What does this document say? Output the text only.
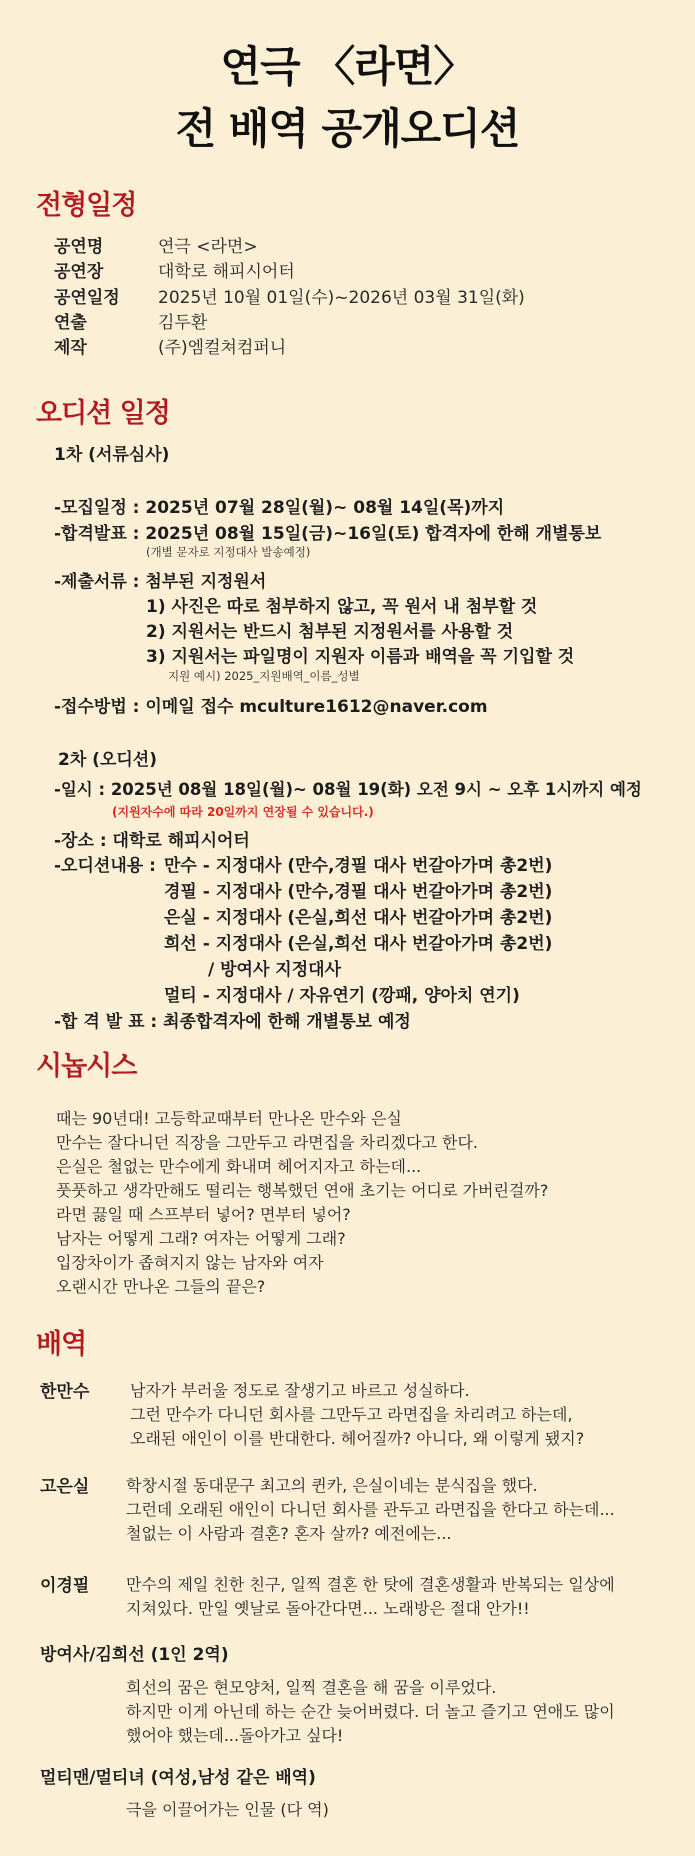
연극 〈라면〉
전 배역 공개오디션
전형일정
공연명	연극 <라면>
공연장	대학로 해피시어터
공연일정	2025년 10월 01일(수)~2026년 03월 31일(화)
연출	김두환
제작	(주)엠컬쳐컴퍼니
오디션 일정
1차 (서류심사)
-모집일정 : 2025년 07월 28일(월)~ 08월 14일(목)까지
-합격발표 : 2025년 08월 15일(금)~16일(토) 합격자에 한해 개별통보
(개별 문자로 지정대사 발송예정)
-제출서류 : 첨부된 지정원서
1) 사진은 따로 첨부하지 않고, 꼭 원서 내 첨부할 것
2) 지원서는 반드시 첨부된 지정원서를 사용할 것
3) 지원서는 파일명이 지원자 이름과 배역을 꼭 기입할 것
지원 예시) 2025_지원배역_이름_성별
-접수방법 : 이메일 접수 mculture1612@naver.com
2차 (오디션)
-일시 : 2025년 08월 18일(월)~ 08월 19(화) 오전 9시 ~ 오후 1시까지 예정
(지원자수에 따라 20일까지 연장될 수 있습니다.)
-장소 : 대학로 해피시어터
-오디션내용 : 만수 - 지정대사 (만수,경필 대사 번갈아가며 총2번)
경필 - 지정대사 (만수,경필 대사 번갈아가며 총2번)
은실 - 지정대사 (은실,희선 대사 번갈아가며 총2번)
희선 - 지정대사 (은실,희선 대사 번갈아가며 총2번)
/ 방여사 지정대사
멀티 - 지정대사 / 자유연기 (깡패, 양아치 연기)
-합 격 발 표 : 최종합격자에 한해 개별통보 예정
시놉시스
때는 90년대! 고등학교때부터 만나온 만수와 은실
만수는 잘다니던 직장을 그만두고 라면집을 차리겠다고 한다.
은실은 철없는 만수에게 화내며 헤어지자고 하는데...
풋풋하고 생각만해도 떨리는 행복했던 연애 초기는 어디로 가버린걸까?
라면 끓일 때 스프부터 넣어? 면부터 넣어?
남자는 어떻게 그래? 여자는 어떻게 그래?
입장차이가 좁혀지지 않는 남자와 여자
오랜시간 만나온 그들의 끝은?
배역
한만수	남자가 부러울 정도로 잘생기고 바르고 성실하다.
그런 만수가 다니던 회사를 그만두고 라면집을 차리려고 하는데,
오래된 애인이 이를 반대한다. 헤어질까? 아니다, 왜 이렇게 됐지?
고은실 학창시절 동대문구 최고의 퀸카, 은실이네는 분식집을 했다.
그런데 오래된 애인이 다니던 회사를 관두고 라면집을 한다고 하는데...
철없는 이 사람과 결혼? 혼자 살까? 예전에는...
이경필 만수의 제일 친한 친구, 일찍 결혼 한 탓에 결혼생활과 반복되는 일상에
지쳐있다. 만일 옛날로 돌아간다면... 노래방은 절대 안가!!
방여사/김희선 (1인 2역)
희선의 꿈은 현모양처, 일찍 결혼을 해 꿈을 이루었다.
하지만 이게 아닌데 하는 순간 늦어버렸다. 더 놀고 즐기고 연애도 많이
했어야 했는데...돌아가고 싶다!
멀티맨/멀티녀 (여성,남성 같은 배역)
극을 이끌어가는 인물 (다 역)
